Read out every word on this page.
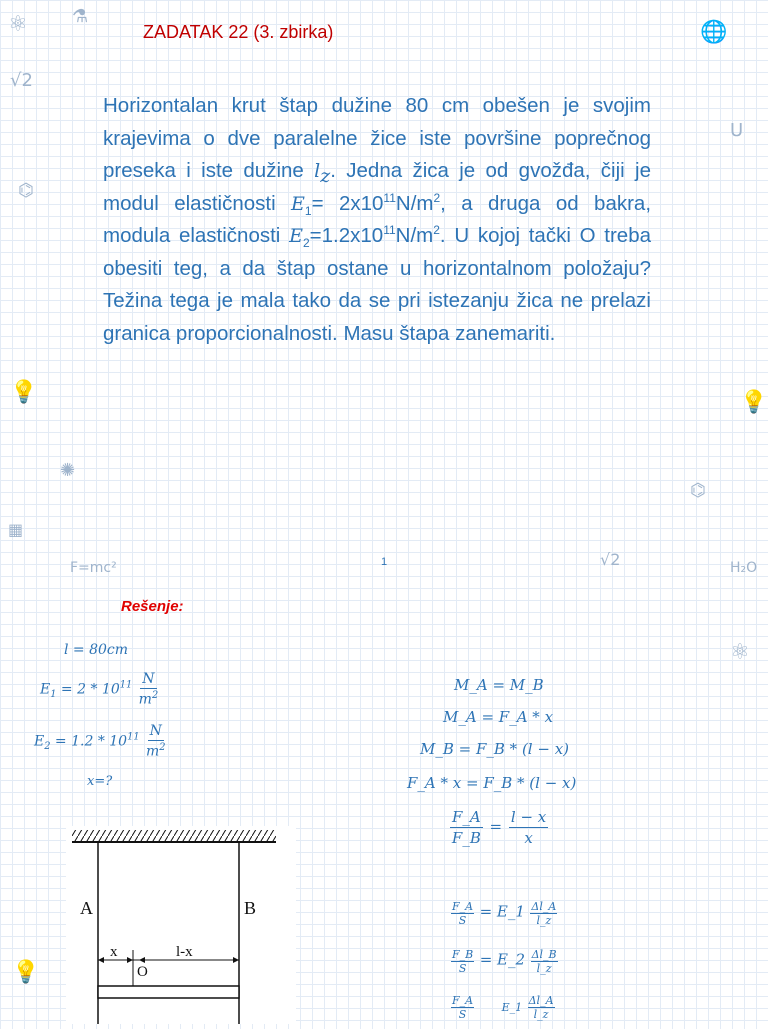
⚛ ⚗
√2
⌬
💡
✺
▦
F=mc²
💡
🌐
U
💡
⌬
√2	H₂O
⚛

ZADATAK 22 (3. zbirka)

Horizontalan krut štap dužine 80 cm obešen je svojim krajevima o dve paralelne žice iste površine poprečnog preseka i iste dužine $l_z$. Jedna žica je od gvožđa, čiji je modul elastičnosti $E_1= 2x10^{11}N/m^2$, a druga od bakra, modula elastičnosti $E_2=1.2x10^{11}N/m^2$. U kojoj tački O treba obesiti teg, a da štap ostane u horizontalnom položaju? Težina tega je mala tako da se pri istezanju žica ne prelazi granica proporcionalnosti. Masu štapa zanemariti.

1
Rešenje:
l = 80cm
$E_1 = 2 * 10^{11} \frac{N}{m^2}$
$E_2 = 1.2 * 10^{11} \frac{N}{m^2}$
x=?
M_A = M_B
M_A = F_A * x
M_B = F_B * (l − x)
F_A * x = F_B * (l − x)
$\frac{F\_A}{F\_B} = \frac{l - x}{x}$
$\frac{F\_A}{S}$ = E_1 $\frac{\Delta l\_A}{l\_z}$
$\frac{F\_B}{S}$ = E_2 $\frac{\Delta l\_B}{l\_z}$
$\frac{F\_A}{S}$	E_1 $\frac{\Delta l\_A}{l\_z}$
A	B
x	l-x
O
